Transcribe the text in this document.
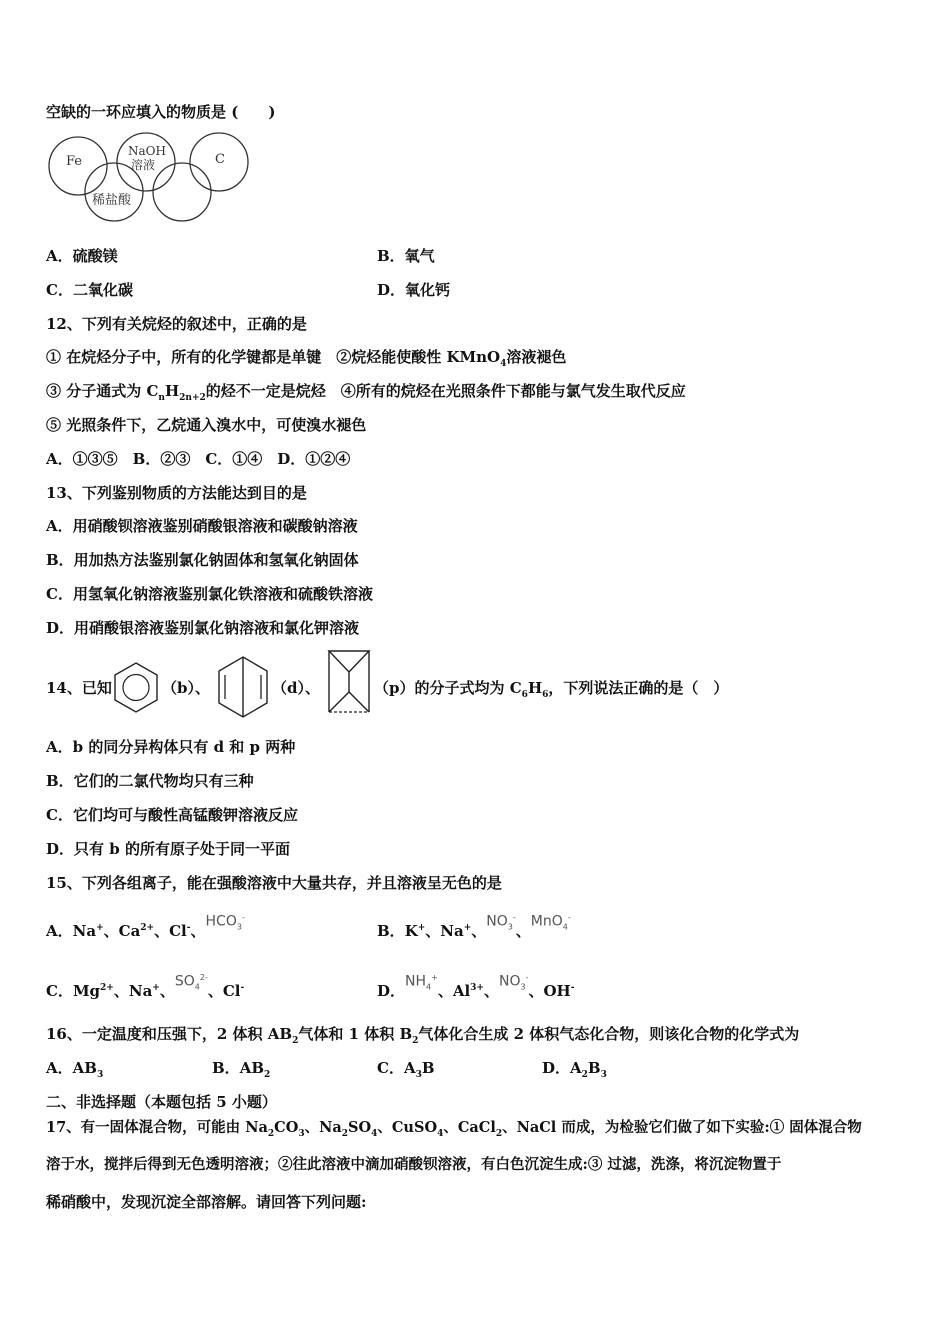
空缺的一环应填入的物质是 (　　)
Fe
NaOH
溶液	C
稀盐酸
A．硫酸镁	B．氧气
C．二氧化碳	D．氧化钙
12、下列有关烷烃的叙述中，正确的是
① 在烷烃分子中，所有的化学键都是单键　②烷烃能使酸性 KMnO$_4$溶液褪色
③ 分子通式为 $C_nH_{2n+2}$的烃不一定是烷烃　④所有的烷烃在光照条件下都能与氯气发生取代反应
⑤ 光照条件下，乙烷通入溴水中，可使溴水褪色
A．①③⑤　B．②③　C．①④　D．①②④
13、下列鉴别物质的方法能达到目的是
A．用硝酸钡溶液鉴别硝酸银溶液和碳酸钠溶液
B．用加热方法鉴别氯化钠固体和氢氧化钠固体
C．用氢氧化钠溶液鉴别氯化铁溶液和硫酸铁溶液
D．用硝酸银溶液鉴别氯化钠溶液和氯化钾溶液
14、已知	（b）、	（d）、	（p）的分子式均为 $C_6H_6$，下列说法正确的是（　）
A．b 的同分异构体只有 d 和 p 两种
B．它们的二氯代物均只有三种
C．它们均可与酸性高锰酸钾溶液反应
D．只有 b 的所有原子处于同一平面
15、下列各组离子，能在强酸溶液中大量共存，并且溶液呈无色的是
A．Na+、$Ca^{2+}$、Cl-、$HCO_3^-$
B．K+、Na+、$NO_3^-$、MnO$_4$-
C．$Mg^{2+}$、Na+、$SO_4^{2-}$、Cl-	D．$NH_4^+$、$Al^{3+}$、$NO_3^-$、OH-
16、一定温度和压强下，2 体积 $AB_2$气体和 1 体积 $B_2$气体化合生成 2 体积气态化合物，则该化合物的化学式为
A．$AB_3$	B．$AB_2$	C．$A_3B$	D．$A_2B_3$
二、非选择题（本题包括 5 小题）
17、有一固体混合物，可能由 $Na_2CO_3$、$Na_2SO_4$、CuSO$_4$、CaCl$_2$、NaCl 而成，为检验它们做了如下实验:① 固体混合物
溶于水，搅拌后得到无色透明溶液；②往此溶液中滴加硝酸钡溶液，有白色沉淀生成:③ 过滤，洗涤，将沉淀物置于
稀硝酸中，发现沉淀全部溶解。请回答下列问题:
